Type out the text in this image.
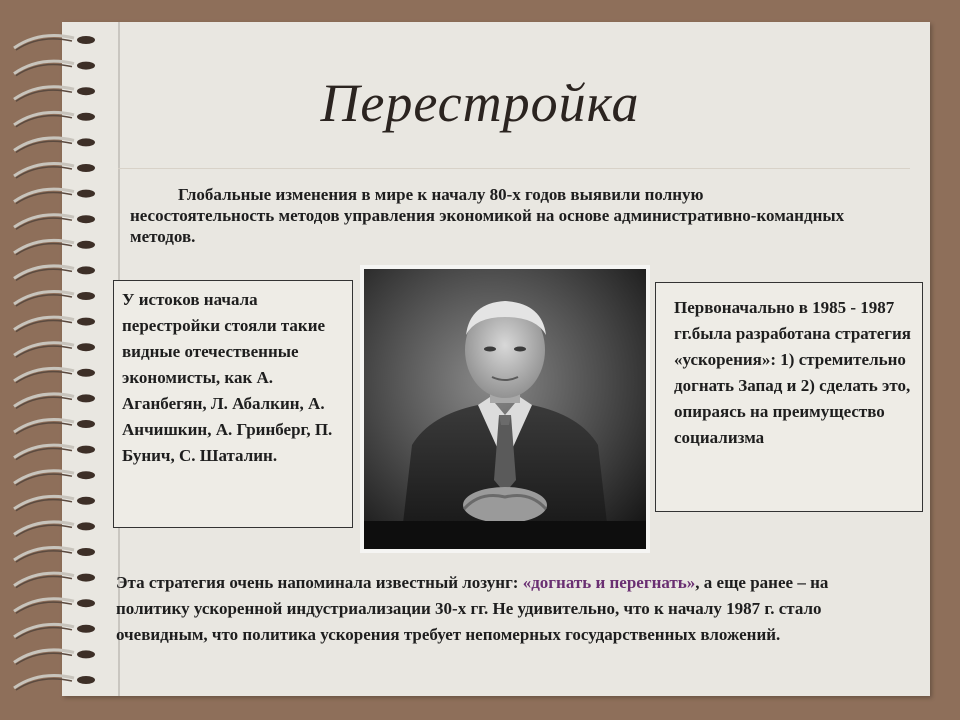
Перестройка
Глобальные изменения в мире к началу 80-х годов выявили полную несостоятельность методов управления экономикой на основе административно-командных методов.
У истоков начала перестройки стояли такие видные отечественные экономисты, как А. Аганбегян, Л. Абалкин, А. Анчишкин, А. Гринберг, П. Бунич, С. Шаталин.
Первоначально в 1985 - 1987 гг.была разработана стратегия «ускорения»: 1) стремительно догнать Запад и 2) сделать это, опираясь на преимущество социализма
Эта стратегия очень напоминала известный лозунг: «догнать и перегнать», а еще ранее – на политику ускоренной индустриализации 30-х гг. Не удивительно, что к началу 1987 г. стало очевидным, что политика ускорения требует непомерных государственных вложений.
